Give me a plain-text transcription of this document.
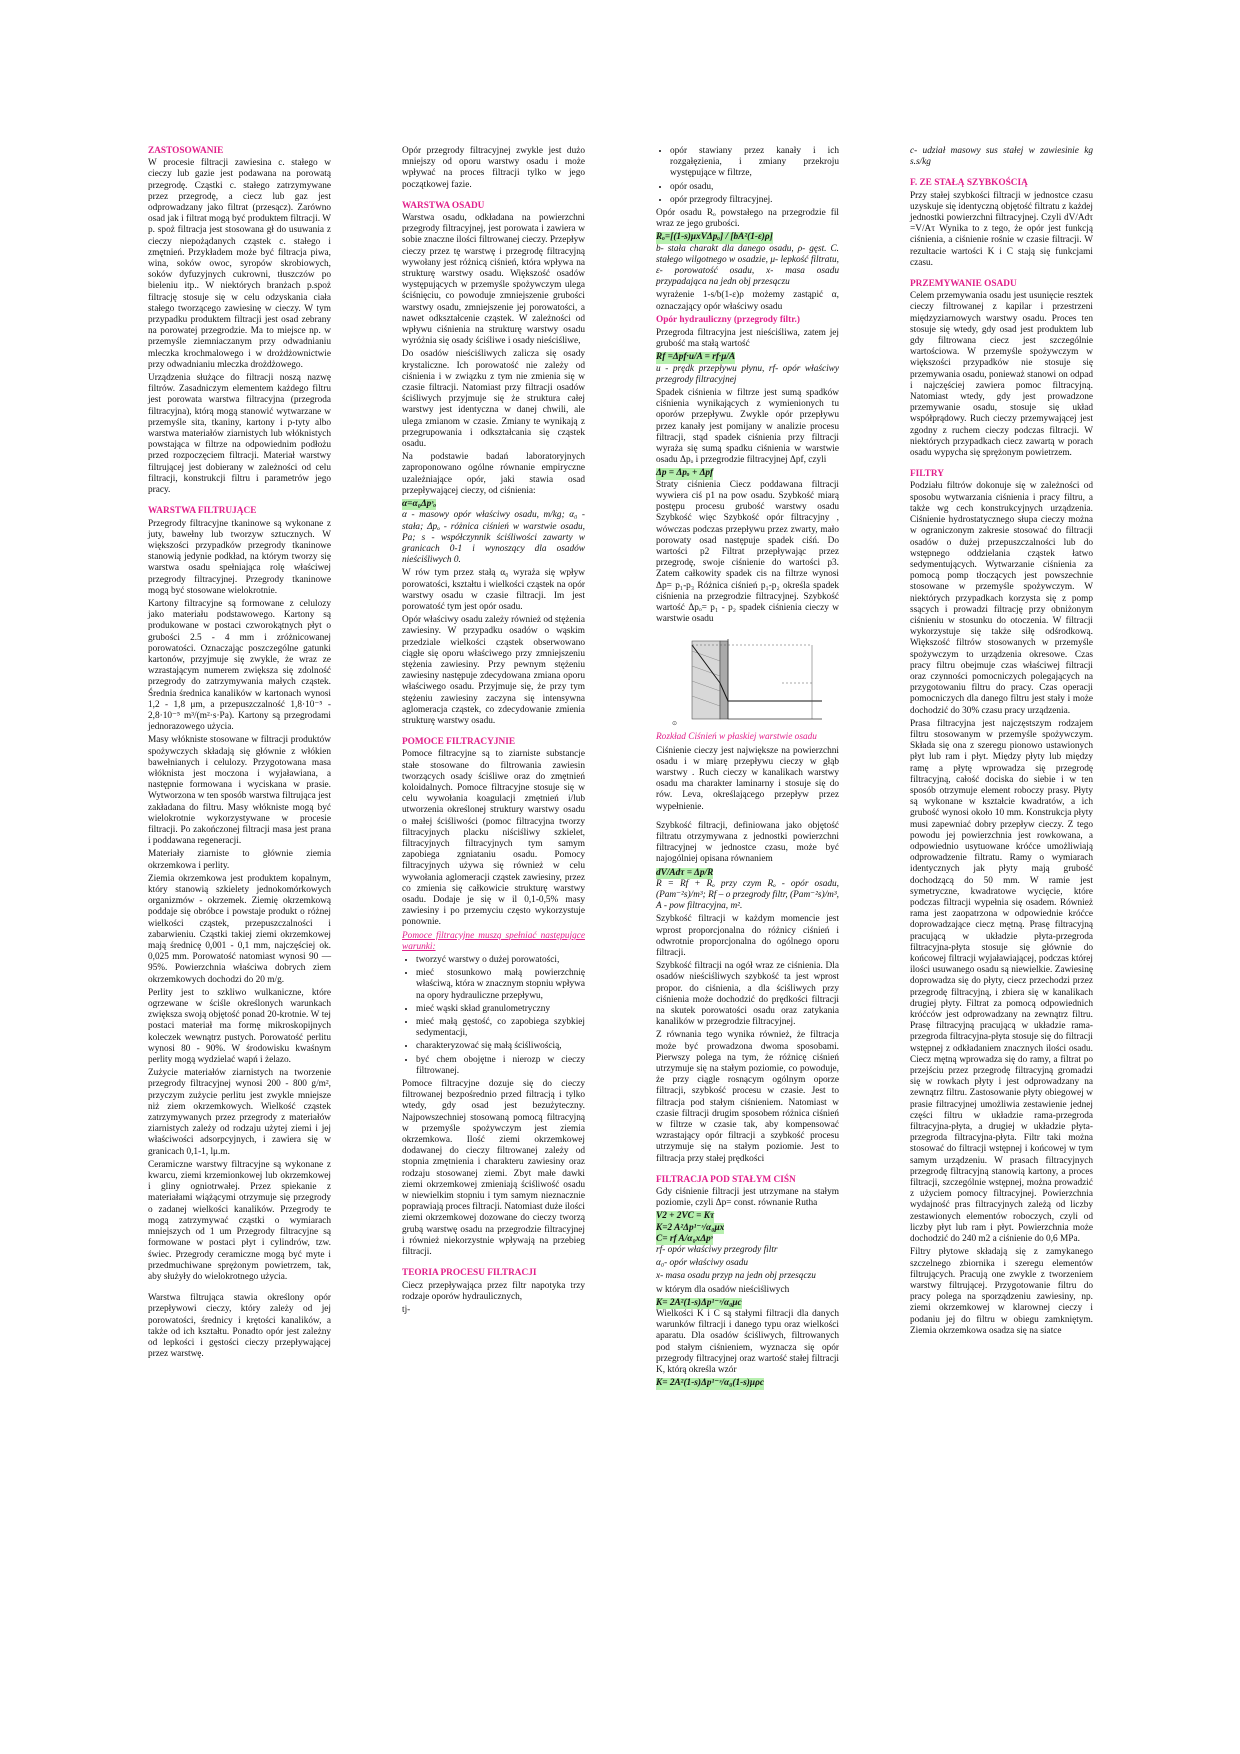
ZASTOSOWANIE

W procesie filtracji zawiesina c. stałego w cieczy lub gazie jest podawana na porowatą przegrodę. Cząstki c. stałego zatrzymywane przez przegrodę, a ciecz lub gaz jest odprowadzany jako filtrat (przesącz). Zarówno osad jak i filtrat mogą być produktem filtracji. W p. spoż filtracja jest stosowana gł do usuwania z cieczy niepożądanych cząstek c. stałego i zmętnień. Przykładem może być filtracja piwa, wina, soków owoc, syropów skrobiowych, soków dyfuzyjnych cukrowni, tłuszczów po bieleniu itp.. W niektórych branżach p.spoż filtrację stosuje się w celu odzyskania ciała stałego tworzącego zawiesinę w cieczy. W tym przypadku produktem filtracji jest osad zebrany na porowatej przegrodzie. Ma to miejsce np. w przemyśle ziemniaczanym przy odwadnianiu mleczka krochmalowego i w drożdżownictwie przy odwadnianiu mleczka drożdżowego.

Urządzenia służące do filtracji noszą nazwę filtrów. Zasadniczym elementem każdego filtru jest porowata warstwa filtracyjna (przegroda filtracyjna), którą mogą stanowić wytwarzane w przemyśle sita, tkaniny, kartony i p-tyty albo warstwa materiałów ziarnistych lub włóknistych powstająca w filtrze na odpowiednim podłożu przed rozpoczęciem filtracji. Materiał warstwy filtrującej jest dobierany w zależności od celu filtracji, konstrukcji filtru i parametrów jego pracy.

WARSTWA FILTRUJĄCE

Przegrody filtracyjne tkaninowe są wykonane z juty, bawełny lub tworzyw sztucznych. W większości przypadków przegrody tkaninowe stanowią jedynie podkład, na którym tworzy się warstwa osadu spełniająca rolę właściwej przegrody filtracyjnej. Przegrody tkaninowe mogą być stosowane wielokrotnie.

Kartony filtracyjne są formowane z celulozy jako materiału podstawowego. Kartony są produkowane w postaci czworokątnych płyt o grubości 2.5 - 4 mm i zróżnicowanej porowatości. Oznaczając poszczególne gatunki kartonów, przyjmuje się zwykle, że wraz ze wzrastającym numerem zwiększa się zdolność przegrody do zatrzymywania małych cząstek. Średnia średnica kanalików w kartonach wynosi 1,2 - 1,8 μm, a przepuszczalność 1,8·10⁻⁵ - 2,8·10⁻⁵ m³/(m²·s·Pa). Kartony są przegrodami jednorazowego użycia.

Masy włókniste stosowane w filtracji produktów spożywczych składają się głównie z włókien bawełnianych i celulozy. Przygotowana masa włóknista jest moczona i wyjaławiana, a następnie formowana i wyciskana w prasie. Wytworzona w ten sposób warstwa filtrująca jest zakładana do filtru. Masy włókniste mogą być wielokrotnie wykorzystywane w procesie filtracji. Po zakończonej filtracji masa jest prana i poddawana regeneracji.

Materiały ziarniste to głównie ziemia okrzemkowa i perlity.

Ziemia okrzemkowa jest produktem kopalnym, który stanowią szkielety jednokomórkowych organizmów - okrzemek. Ziemię okrzemkową poddaje się obróbce i powstaje produkt o różnej wielkości cząstek, przepuszczalności i zabarwieniu. Cząstki takiej ziemi okrzemkowej mają średnicę 0,001 - 0,1 mm, najczęściej ok. 0,025 mm. Porowatość natomiast wynosi 90 — 95%. Powierzchnia właściwa dobrych ziem okrzemkowych dochodzi do 20 m/g.

Perlity jest to szkliwo wulkaniczne, które ogrzewane w ściśle określonych warunkach zwiększa swoją objętość ponad 20-krotnie. W tej postaci materiał ma formę mikroskopijnych koleczek wewnątrz pustych. Porowatość perlitu wynosi 80 - 90%. W środowisku kwaśnym perlity mogą wydzielać wapń i żelazo.

Zużycie materiałów ziarnistych na tworzenie przegrody filtracyjnej wynosi 200 - 800 g/m², przyczym zużycie perlitu jest zwykle mniejsze niż ziem okrzemkowych. Wielkość cząstek zatrzymywanych przez przegrody z materiałów ziarnistych zależy od rodzaju użytej ziemi i jej właściwości adsorpcyjnych, i zawiera się w granicach 0,1-1, lμ.m.

Ceramiczne warstwy filtracyjne są wykonane z kwarcu, ziemi krzemionkowej lub okrzemkowej i gliny ogniotrwałej. Przez spiekanie z materiałami wiążącymi otrzymuje się przegrody o zadanej wielkości kanalików. Przegrody te mogą zatrzymywać cząstki o wymiarach mniejszych od 1 um Przegrody filtracyjne są formowane w postaci płyt i cylindrów, tzw. świec. Przegrody ceramiczne mogą być myte i przedmuchiwane sprężonym powietrzem, tak, aby służyły do wielokrotnego użycia.

Warstwa filtrująca stawia określony opór przepływowi cieczy, który zależy od jej porowatości, średnicy i krętości kanalików, a także od ich kształtu. Ponadto opór jest zależny od lepkości i gęstości cieczy przepływającej przez warstwę.

Opór przegrody filtracyjnej zwykle jest dużo mniejszy od oporu warstwy osadu i może wpływać na proces filtracji tylko w jego początkowej fazie.

WARSTWA OSADU

Warstwa osadu, odkładana na powierzchni przegrody filtracyjnej, jest porowata i zawiera w sobie znaczne ilości filtrowanej cieczy. Przepływ cieczy przez tę warstwę i przegrodę filtracyjną wywołany jest różnicą ciśnień, która wpływa na strukturę warstwy osadu. Większość osadów występujących w przemyśle spożywczym ulega ściśnięciu, co powoduje zmniejszenie grubości warstwy osadu, zmniejszenie jej porowatości, a nawet odkształcenie cząstek. W zależności od wpływu ciśnienia na strukturę warstwy osadu wyróżnia się osady ściśliwe i osady nieściśliwe,

Do osadów nieściśliwych zalicza się osady krystaliczne. Ich porowatość nie zależy od ciśnienia i w związku z tym nie zmienia się w czasie filtracji. Natomiast przy filtracji osadów ściśliwych przyjmuje się że struktura całej warstwy jest identyczna w danej chwili, ale ulega zmianom w czasie. Zmiany te wynikają z przegrupowania i odkształcania się cząstek osadu.

Na podstawie badań laboratoryjnych zaproponowano ogólne równanie empiryczne uzależniające opór, jaki stawia osad przepływającej cieczy, od ciśnienia:

α=α₀Δpˢₒ

α - masowy opór właściwy osadu, m/kg; α₀ - stała; Δpₒ - różnica ciśnień w warstwie osadu, Pa; s - współczynnik ściśliwości zawarty w granicach 0-1 i wynoszący dla osadów nieściśliwych 0.

W rów tym przez stałą α₀ wyraża się wpływ porowatości, kształtu i wielkości cząstek na opór warstwy osadu w czasie filtracji. Im jest porowatość tym jest opór osadu.

Opór właściwy osadu zależy również od stężenia zawiesiny. W przypadku osadów o wąskim przedziale wielkości cząstek obserwowano ciągłe się oporu właściwego przy zmniejszeniu stężenia zawiesiny. Przy pewnym stężeniu zawiesiny następuje zdecydowana zmiana oporu właściwego osadu. Przyjmuje się, że przy tym stężeniu zawiesiny zaczyna się intensywna aglomeracja cząstek, co zdecydowanie zmienia strukturę warstwy osadu.

POMOCE FILTRACYJNIE

Pomoce filtracyjne są to ziarniste substancje stałe stosowane do filtrowania zawiesin tworzących osady ściśliwe oraz do zmętnień koloidalnych. Pomoce filtracyjne stosuje się w celu wywołania koagulacji zmętnień i/lub utworzenia określonej struktury warstwy osadu o małej ściśliwości (pomoc filtracyjna tworzy filtracyjnych placku niściśliwy szkielet, filtracyjnych filtracyjnych tym samym zapobiega zgniataniu osadu. Pomocy filtracyjnych używa się również w celu wywołania aglomeracji cząstek zawiesiny, przez co zmienia się całkowicie strukturę warstwy osadu. Dodaje je się w il 0,1-0,5% masy zawiesiny i po przemyciu często wykorzystuje ponownie.

Pomoce filtracyjne muszą spełniać następujące warunki:

• tworzyć warstwy o dużej porowatości,
• mieć stosunkowo małą powierzchnię właściwą, która w znacznym stopniu wpływa na opory hydrauliczne przepływu,
• mieć wąski skład granulometryczny
• mieć małą gęstość, co zapobiega szybkiej sedymentacji,
• charakteryzować się małą ściśliwością,
• być chem obojętne i nierozp w cieczy filtrowanej.

Pomoce filtracyjne dozuje się do cieczy filtrowanej bezpośrednio przed filtracją i tylko wtedy, gdy osad jest bezużyteczny. Najpowszechniej stosowaną pomocą filtracyjną w przemyśle spożywczym jest ziemia okrzemkowa. Ilość ziemi okrzemkowej dodawanej do cieczy filtrowanej zależy od stopnia zmętnienia i charakteru zawiesiny oraz rodzaju stosowanej ziemi. Zbyt małe dawki ziemi okrzemkowej zmieniają ściśliwość osadu w niewielkim stopniu i tym samym nieznacznie poprawiają proces filtracji. Natomiast duże ilości ziemi okrzemkowej dozowane do cieczy tworzą grubą warstwę osadu na przegrodzie filtracyjnej i również niekorzystnie wpływają na przebieg filtracji.

TEORIA PROCESU FILTRACJI

Ciecz przepływająca przez filtr napotyka trzy rodzaje oporów hydraulicznych,

tj-

• opór stawiany przez kanały i ich rozgałęzienia, i zmiany przekroju występujące w filtrze,
• opór osadu,
• opór przegrody filtracyjnej.

Opór osadu Rₒ powstałego na przegrodzie fil wraz ze jego grubości.

Rₒ=[(1-s)μxVΔpₒ] / [bA²(1-ε)ρ]

b- stała charakt dla danego osadu, ρ- gęst. C. stałego wilgotnego w osadzie, μ- lepkość filtratu, ε- porowatość osadu, x- masa osadu przypadająca na jedn obj przesączu

wyrażenie 1-s/b(1-ε)ρ możemy zastąpić α, oznaczający opór właściwy osadu

Opór hydrauliczny (przegrody filtr.)

Przegroda filtracyjna jest nieściśliwa, zatem jej grubość ma stałą wartość

Rf =Δpf·u/A = rf·μ/A

u - prędk przepływu płynu, rf- opór właściwy przegrody filtracyjnej

Spadek ciśnienia w filtrze jest sumą spadków ciśnienia wynikających z wymienionych tu oporów przepływu. Zwykle opór przepływu przez kanały jest pomijany w analizie procesu filtracji, stąd spadek ciśnienia przy filtracji wyraża się sumą spadku ciśnienia w warstwie osadu Δpₒ i przegrodzie filtracyjnej Δpf, czyli

Δp = Δpₒ + Δpf

Straty ciśnienia Ciecz poddawana filtracji wywiera ciś p1 na pow osadu. Szybkość miarą postępu procesu grubość warstwy osadu Szybkość więc Szybkość opór filtracyjny , wówczas podczas przepływu przez zwarty, mało porowaty osad następuje spadek ciśń. Do wartości p2 Filtrat przepływając przez przegrodę, swoje ciśnienie do wartości p3. Zatem całkowity spadek cis na filtrze wynosi Δp= p₁-p₃ Różnica ciśnień p₁-p₂ określa spadek ciśnienia na przegrodzie filtracyjnej. Szybkość wartość Δpₒ= p₁ - p₂ spadek ciśnienia cieczy w warstwie osadu

⊙

Rozkład Ciśnień w płaskiej warstwie osadu

Ciśnienie cieczy jest największe na powierzchni osadu i w miarę przepływu cieczy w głąb warstwy . Ruch cieczy w kanalikach warstwy osadu ma charakter laminarny i stosuje się do rów. Leva, określającego przepływ przez wypełnienie.

Szybkość filtracji, definiowana jako objętość filtratu otrzymywana z jednostki powierzchni filtracyjnej w jednostce czasu, może być najogólniej opisana równaniem

dV/Adτ = Δp/R

R = Rf + Rₒ przy czym Rₒ - opór osadu, (Pam⁻²s)/m³; Rf – o przegrody filtr, (Pam⁻²s)/m³, A - pow filtracyjna, m².

Szybkość filtracji w każdym momencie jest wprost proporcjonalna do różnicy ciśnień i odwrotnie proporcjonalna do ogólnego oporu filtracji.

Szybkość filtracji na ogół wraz ze ciśnienia. Dla osadów nieściśliwych szybkość ta jest wprost propor. do ciśnienia, a dla ściśliwych przy ciśnienia może dochodzić do prędkości filtracji na skutek porowatości osadu oraz zatykania kanalików w przegrodzie filtracyjnej.

Z równania tego wynika również, że filtracja może być prowadzona dwoma sposobami. Pierwszy polega na tym, że różnicę ciśnień utrzymuje się na stałym poziomie, co powoduje, że przy ciągle rosnącym ogólnym oporze filtracji, szybkość procesu w czasie. Jest to filtracja pod stałym ciśnieniem. Natomiast w czasie filtracji drugim sposobem różnica ciśnień w filtrze w czasie tak, aby kompensować wzrastający opór filtracji a szybkość procesu utrzymuje się na stałym poziomie. Jest to filtracja przy stałej prędkości

FILTRACJA POD STAŁYM CIŚN

Gdy ciśnienie filtracji jest utrzymane na stałym poziomie, czyli Δp= const. równanie Rutha

V2 + 2VC = Kτ
K=2 A²Δp¹⁻ˢ/α₀μx
C= rf A/α₀xΔpˢ

rf- opór właściwy przegrody filtr

α₀- opór właściwy osadu

x- masa osadu przyp na jedn obj przesączu

w którym dla osadów nieściśliwych

K= 2A²(1-s)Δp¹⁻ˢ/α₀μc

Wielkości K i C są stałymi filtracji dla danych warunków filtracji i danego typu oraz wielkości aparatu. Dla osadów ściśliwych, filtrowanych pod stałym ciśnieniem, wyznacza się opór przegrody filtracyjnej oraz wartość stałej filtracji K, którą określa wzór

K= 2A²(1-s)Δp¹⁻ˢ/α₀(1-s)μρc

c- udział masowy sus stałej w zawiesinie kg s.s/kg

F. ZE STAŁĄ SZYBKOŚCIĄ

Przy stałej szybkości filtracji w jednostce czasu uzyskuje się identyczną objętość filtratu z każdej jednostki powierzchni filtracyjnej. Czyli dV/Adτ =V/Aτ Wynika to z tego, że opór jest funkcją ciśnienia, a ciśnienie rośnie w czasie filtracji. W rezultacie wartości K i C stają się funkcjami czasu.

PRZEMYWANIE OSADU

Celem przemywania osadu jest usunięcie resztek cieczy filtrowanej z kapilar i przestrzeni międzyziarnowych warstwy osadu. Proces ten stosuje się wtedy, gdy osad jest produktem lub gdy filtrowana ciecz jest szczególnie wartościowa. W przemyśle spożywczym w większości przypadków nie stosuje się przemywania osadu, ponieważ stanowi on odpad i najczęściej zawiera pomoc filtracyjną. Natomiast wtedy, gdy jest prowadzone przemywanie osadu, stosuje się układ współprądowy. Ruch cieczy przemywającej jest zgodny z ruchem cieczy podczas filtracji. W niektórych przypadkach ciecz zawartą w porach osadu wypycha się sprężonym powietrzem.

FILTRY

Podziału filtrów dokonuje się w zależności od sposobu wytwarzania ciśnienia i pracy filtru, a także wg cech konstrukcyjnych urządzenia. Ciśnienie hydrostatycznego słupa cieczy można w ograniczonym zakresie stosować do filtracji osadów o dużej przepuszczalności lub do wstępnego oddzielania cząstek łatwo sedymentujących. Wytwarzanie ciśnienia za pomocą pomp tłoczących jest powszechnie stosowane w przemyśle spożywczym. W niektórych przypadkach korzysta się z pomp ssących i prowadzi filtrację przy obniżonym ciśnieniu w stosunku do otoczenia. W filtracji wykorzystuje się także siłę odśrodkową. Większość filtrów stosowanych w przemyśle spożywczym to urządzenia okresowe. Czas pracy filtru obejmuje czas właściwej filtracji oraz czynności pomocniczych polegających na przygotowaniu filtru do pracy. Czas operacji pomocniczych dla danego filtru jest stały i może dochodzić do 30% czasu pracy urządzenia.

Prasa filtracyjna jest najczęstszym rodzajem filtru stosowanym w przemyśle spożywczym. Składa się ona z szeregu pionowo ustawionych płyt lub ram i płyt. Między płyty lub między ramę a płytę wprowadza się przegrodę filtracyjną, całość dociska do siebie i w ten sposób otrzymuje element roboczy prasy. Płyty są wykonane w kształcie kwadratów, a ich grubość wynosi około 10 mm. Konstrukcja płyty musi zapewniać dobry przepływ cieczy. Z tego powodu jej powierzchnia jest rowkowana, a odpowiednio usytuowane króćce umożliwiają odprowadzenie filtratu. Ramy o wymiarach identycznych jak płyty mają grubość dochodzącą do 50 mm. W ramie jest symetryczne, kwadratowe wycięcie, które podczas filtracji wypełnia się osadem. Również rama jest zaopatrzona w odpowiednie króćce doprowadzające ciecz mętną. Prasę filtracyjną pracującą w układzie płyta-przegroda filtracyjna-płyta stosuje się głównie do końcowej filtracji wyjaławiającej, podczas której ilości usuwanego osadu są niewielkie. Zawiesinę doprowadza się do płyty, ciecz przechodzi przez przegrodę filtracyjną, i zbiera się w kanalikach drugiej płyty. Filtrat za pomocą odpowiednich króćców jest odprowadzany na zewnątrz filtru. Prasę filtracyjną pracującą w układzie rama-przegroda filtracyjna-płyta stosuje się do filtracji wstępnej z odkładaniem znacznych ilości osadu. Ciecz mętną wprowadza się do ramy, a filtrat po przejściu przez przegrodę filtracyjną gromadzi się w rowkach płyty i jest odprowadzany na zewnątrz filtru. Zastosowanie płyty obiegowej w prasie filtracyjnej umożliwia zestawienie jednej części filtru w układzie rama-przegroda filtracyjna-płyta, a drugiej w układzie płyta-przegroda filtracyjna-płyta. Filtr taki można stosować do filtracji wstępnej i końcowej w tym samym urządzeniu. W prasach filtracyjnych przegrodę filtracyjną stanowią kartony, a proces filtracji, szczególnie wstępnej, można prowadzić z użyciem pomocy filtracyjnej. Powierzchnia wydajność pras filtracyjnych zależą od liczby zestawionych elementów roboczych, czyli od liczby płyt lub ram i płyt. Powierzchnia może dochodzić do 240 m2 a ciśnienie do 0,6 MPa.

Filtry płytowe składają się z zamykanego szczelnego zbiornika i szeregu elementów filtrujących. Pracują one zwykle z tworzeniem warstwy filtrującej. Przygotowanie filtru do pracy polega na sporządzeniu zawiesiny, np. ziemi okrzemkowej w klarownej cieczy i podaniu jej do filtru w obiegu zamkniętym. Ziemia okrzemkowa osadza się na siatce
